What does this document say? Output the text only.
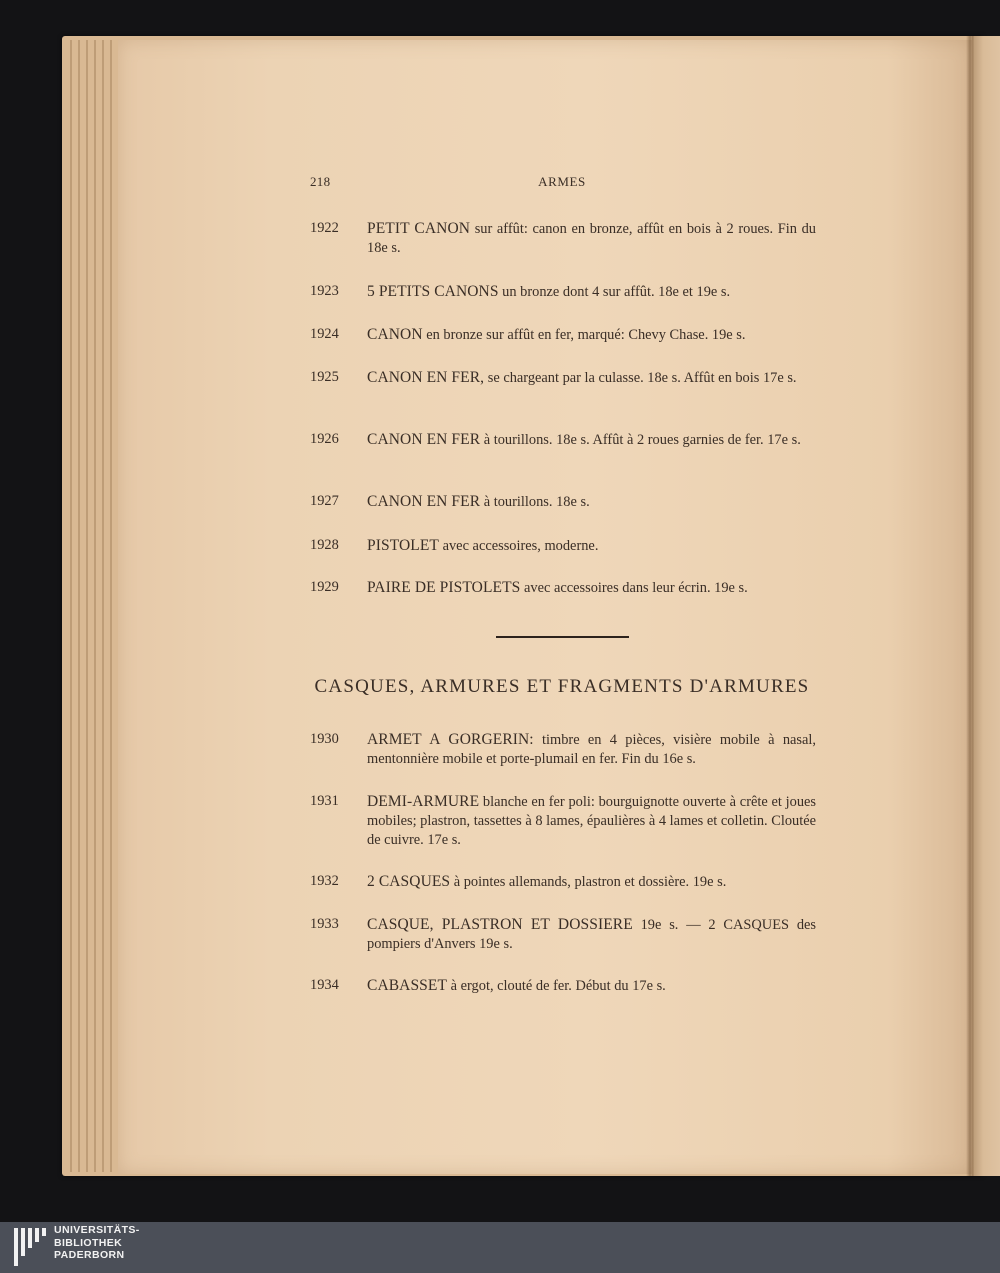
218	ARMES
1922	PETIT CANON sur affût: canon en bronze, affût en bois à 2 roues. Fin du 18e s.
1923	5 PETITS CANONS un bronze dont 4 sur affût. 18e et 19e s.
1924	CANON en bronze sur affût en fer, marqué: Chevy Chase. 19e s.
1925	CANON EN FER, se chargeant par la culasse. 18e s. Affût en bois 17e s.
1926	CANON EN FER à tourillons. 18e s. Affût à 2 roues garnies de fer. 17e s.
1927	CANON EN FER à tourillons. 18e s.
1928	PISTOLET avec accessoires, moderne.
1929	PAIRE DE PISTOLETS avec accessoires dans leur écrin. 19e s.
CASQUES, ARMURES ET FRAGMENTS D'ARMURES
1930	ARMET A GORGERIN: timbre en 4 pièces, visière mobile à nasal, mentonnière mobile et porte-plumail en fer. Fin du 16e s.
1931	DEMI-ARMURE blanche en fer poli: bourguignotte ouverte à crête et joues mobiles; plastron, tassettes à 8 lames, épaulières à 4 lames et colletin. Cloutée de cuivre. 17e s.
1932	2 CASQUES à pointes allemands, plastron et dossière. 19e s.
1933	CASQUE, PLASTRON ET DOSSIERE 19e s. — 2 CASQUES des pompiers d'Anvers 19e s.
1934	CABASSET à ergot, clouté de fer. Début du 17e s.
UNIVERSITÄTS-
BIBLIOTHEK
PADERBORN
